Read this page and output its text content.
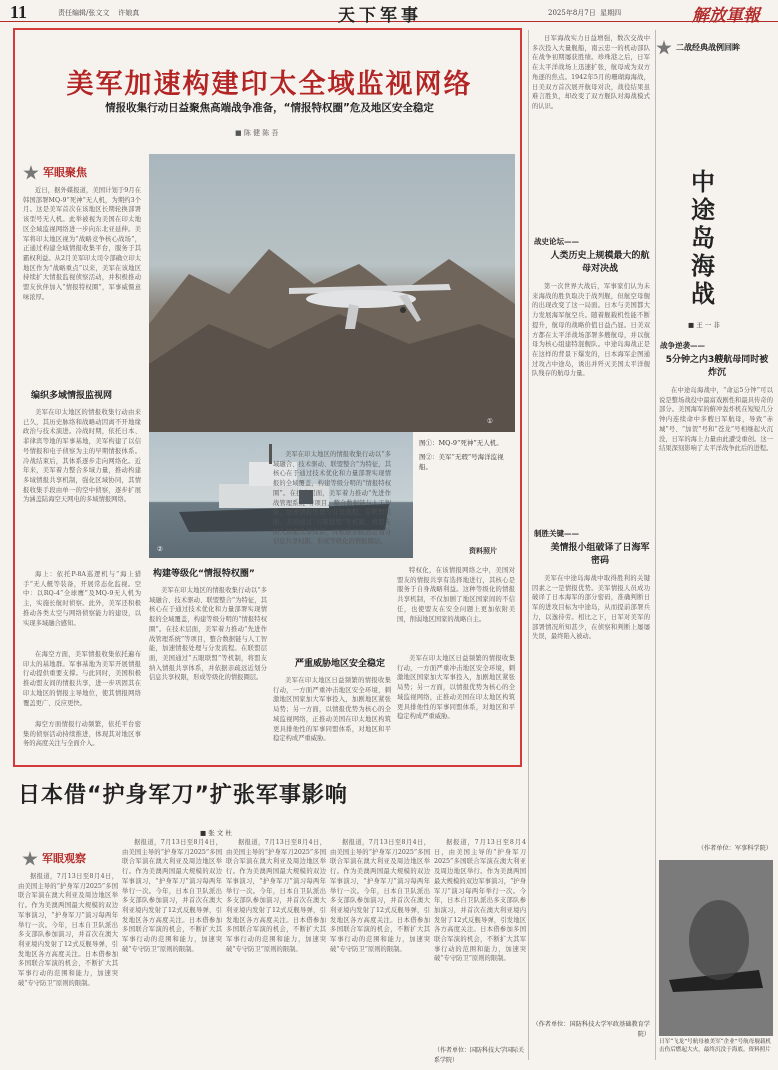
11	责任编辑/张文文    许娘真	天下军事	2025年8月7日  星期四	解放軍報
美军加速构建印太全域监视网络
情报收集行动日益聚焦高端战争准备，“情报特权圈”危及地区安全稳定
■ 陈 健 陈 吾
军眼聚焦
近日，据外媒报道，美国计划于9月在韩国部署MQ-9“死神”无人机，为期约3个月。这是美军首次在该地区长期轮换部署该型号无人机。此举被视为美国在印太地区全域监视网络进一步向东北亚延伸。美军将印太地区视为“战略竞争核心战场”，正通过构建全域情报收集平台，服务于其霸权利益。从2月美军印太司令部确立印太地区作为“战略重点”以来，美军在该地区持续扩大情报监视侦察活动，并积极推动盟友伙伴加入“情报特权圈”，军事威慑意味浓厚。
编织多域情报监视网
美军在印太地区的情报收集行动由来已久，其历史脉络和战略动因离不开地缘政治与技术演进。冷战时期，依托日本、菲律宾等地的军事基地，美军构建了以信号情报和电子侦察为主的早期情报体系。冷战结束后，其体系逐步走向网络化。近年来，美军着力整合多域力量，推动构建多域情报共享机制，强化区域协同，其情报收集手段由单一的空中侦察，逐步扩展为涵盖陆海空天网电的多域情报网络。
海上：依托P-8A巡逻机与“海上猎手”无人艇等装备，开展常态化监视。空中：以RQ-4“全球鹰”及MQ-9无人机为主，实施长航时侦察。此外，美军还积极推动各类太空与网络侦察能力的建设，以实现多域融合感知。
在海空方面，美军情报收集依托遍布印太的基地群。军事基地为美军开展情报行动提供重要支撑。与此同时，美国积极推动盟友间的情报共享，进一步巩固其在印太地区的情报主导地位，使其情报网络覆盖更广、反应更快。
海空方面情报行动频繁，依托平台密集的侦察活动持续推进，体现其对地区事务的高度关注与全面介入。
①
②
图①：MQ-9“死神”无人机。
图②：美军“无瑕”号海洋监视船。
资料照片
构建等级化“情报特权圈”
美军在印太地区的情报收集行动以“多域融合、技术驱动、联盟整合”为特征，其核心在于通过技术优化和力量部署实现情报的全域覆盖，构建等级分明的“情报特权圈”。在技术层面，美军着力推动“先进作战管理系统”等项目，整合数据链与人工智能，加速情报处理与分发流程。在联盟层面，美国通过“五眼联盟”等机制，将盟友纳入情报共享体系，并依据亲疏远近划分信息共享权限，形成等级化的情报圈层。
美军在印太地区的情报收集行动以“多域融合、技术驱动、联盟整合”为特征，其核心在于通过技术优化和力量部署实现情报的全域覆盖，构建等级分明的“情报特权圈”。在技术层面，美军着力推动“先进作战管理系统”等项目，整合数据链与人工智能，加速情报处理与分发流程。在联盟层面，美国通过“五眼联盟”等机制，将盟友纳入情报共享体系，并依据亲疏远近划分信息共享权限，形成等级化的情报圈层。
特权化，在该情报网络之中，美国对盟友的情报共享有选择地进行，其核心是服务于自身战略利益。这种等级化的情报共享机制，不仅加剧了地区国家间的不信任，也使盟友在安全问题上更加依附美国，削弱地区国家的战略自主。
严重威胁地区安全稳定
美军在印太地区日益频繁的情报收集行动，一方面严重冲击地区安全环境，刺激地区国家加大军事投入，加剧地区紧张局势；另一方面，以情报优势为核心的全域监视网络，正推动美国在印太地区构筑更具排他性的军事同盟体系，对地区和平稳定构成严重威胁。
美军在印太地区日益频繁的情报收集行动，一方面严重冲击地区安全环境，刺激地区国家加大军事投入，加剧地区紧张局势；另一方面，以情报优势为核心的全域监视网络，正推动美国在印太地区构筑更具排他性的军事同盟体系，对地区和平稳定构成严重威胁。
日军海战实力日益增强，数次交战中多次投入大量舰船，南云忠一的机动部队在战争初期屡获胜绩。珍珠港之后，日军在太平洋战场上迅速扩张，航母成为双方角逐的焦点。1942年5月的珊瑚海海战，日美双方首次展开航母对决，战役结果虽难言胜负，却改变了双方舰队对海战模式的认识。
战史论坛——
人类历史上规模最大的航母对决战
第一次世界大战后，军事家们认为未来海战的胜负取决于战列舰，但航空母舰的出现改变了这一局面。日本与美国都大力发展海军航空兵。随着舰载机性能不断提升，航母的战略价值日益凸显。日美双方都在太平洋战场部署多艘航母，并以航母为核心组建特混舰队。中途岛海战正是在这样的背景下爆发的，日本海军企图通过攻占中途岛，诱出并歼灭美国太平洋舰队残存的航母力量。
制胜关键——
美情报小组破译了日海军密码
美军在中途岛海战中取得胜利的关键因素之一是情报优势。美军情报人员成功破译了日本海军的部分密码，准确判断日军的进攻目标为中途岛，从而提前部署兵力，以逸待劳。相比之下，日军对美军的部署情况所知甚少，在侦察和判断上屡屡失误，最终陷入被动。
（作者单位：国防科技大学军政基础教育学院）
二战经典战例回眸
中途岛海战
■ 王 一 非
战争逆袭——
5分钟之内3艘航母同时被炸沉
在中途岛海战中，“命运5分钟”可以说是整场战役中最富戏剧性和最具传奇的部分。美国海军的俯冲轰炸机在短短几分钟内连续命中多艘日军航母，导致“赤城”号、“加贺”号和“苍龙”号相继起火沉没，日军的海上力量由此遭受重创。这一结果深刻影响了太平洋战争此后的进程。
（作者单位：军事科学院）
日军“飞龙”号航母被美军“企业”号航母舰载机击伤后燃起大火，最终沉没于海底。资料照片
日本借“护身军刀”扩张军事影响
■ 张 文 杜
军眼观察
据报道，7月13日至8月4日，由美国主导的“护身军刀2025”多国联合军演在澳大利亚及周边地区举行。作为美澳两国最大规模的双边军事演习，“护身军刀”演习每两年举行一次。今年，日本自卫队派出多支部队参加演习，并首次在澳大利亚境内发射了12式反舰导弹，引发地区各方高度关注。日本借参加多国联合军演的机会，不断扩大其军事行动的范围和能力，加速突破“专守防卫”原则的限制。
据报道，7月13日至8月4日，由美国主导的“护身军刀2025”多国联合军演在澳大利亚及周边地区举行。作为美澳两国最大规模的双边军事演习，“护身军刀”演习每两年举行一次。今年，日本自卫队派出多支部队参加演习，并首次在澳大利亚境内发射了12式反舰导弹，引发地区各方高度关注。日本借参加多国联合军演的机会，不断扩大其军事行动的范围和能力，加速突破“专守防卫”原则的限制。
据报道，7月13日至8月4日，由美国主导的“护身军刀2025”多国联合军演在澳大利亚及周边地区举行。作为美澳两国最大规模的双边军事演习，“护身军刀”演习每两年举行一次。今年，日本自卫队派出多支部队参加演习，并首次在澳大利亚境内发射了12式反舰导弹，引发地区各方高度关注。日本借参加多国联合军演的机会，不断扩大其军事行动的范围和能力，加速突破“专守防卫”原则的限制。
据报道，7月13日至8月4日，由美国主导的“护身军刀2025”多国联合军演在澳大利亚及周边地区举行。作为美澳两国最大规模的双边军事演习，“护身军刀”演习每两年举行一次。今年，日本自卫队派出多支部队参加演习，并首次在澳大利亚境内发射了12式反舰导弹，引发地区各方高度关注。日本借参加多国联合军演的机会，不断扩大其军事行动的范围和能力，加速突破“专守防卫”原则的限制。
据报道，7月13日至8月4日，由美国主导的“护身军刀2025”多国联合军演在澳大利亚及周边地区举行。作为美澳两国最大规模的双边军事演习，“护身军刀”演习每两年举行一次。今年，日本自卫队派出多支部队参加演习，并首次在澳大利亚境内发射了12式反舰导弹，引发地区各方高度关注。日本借参加多国联合军演的机会，不断扩大其军事行动的范围和能力，加速突破“专守防卫”原则的限制。
（作者单位：国防科技大学国际关系学院）
